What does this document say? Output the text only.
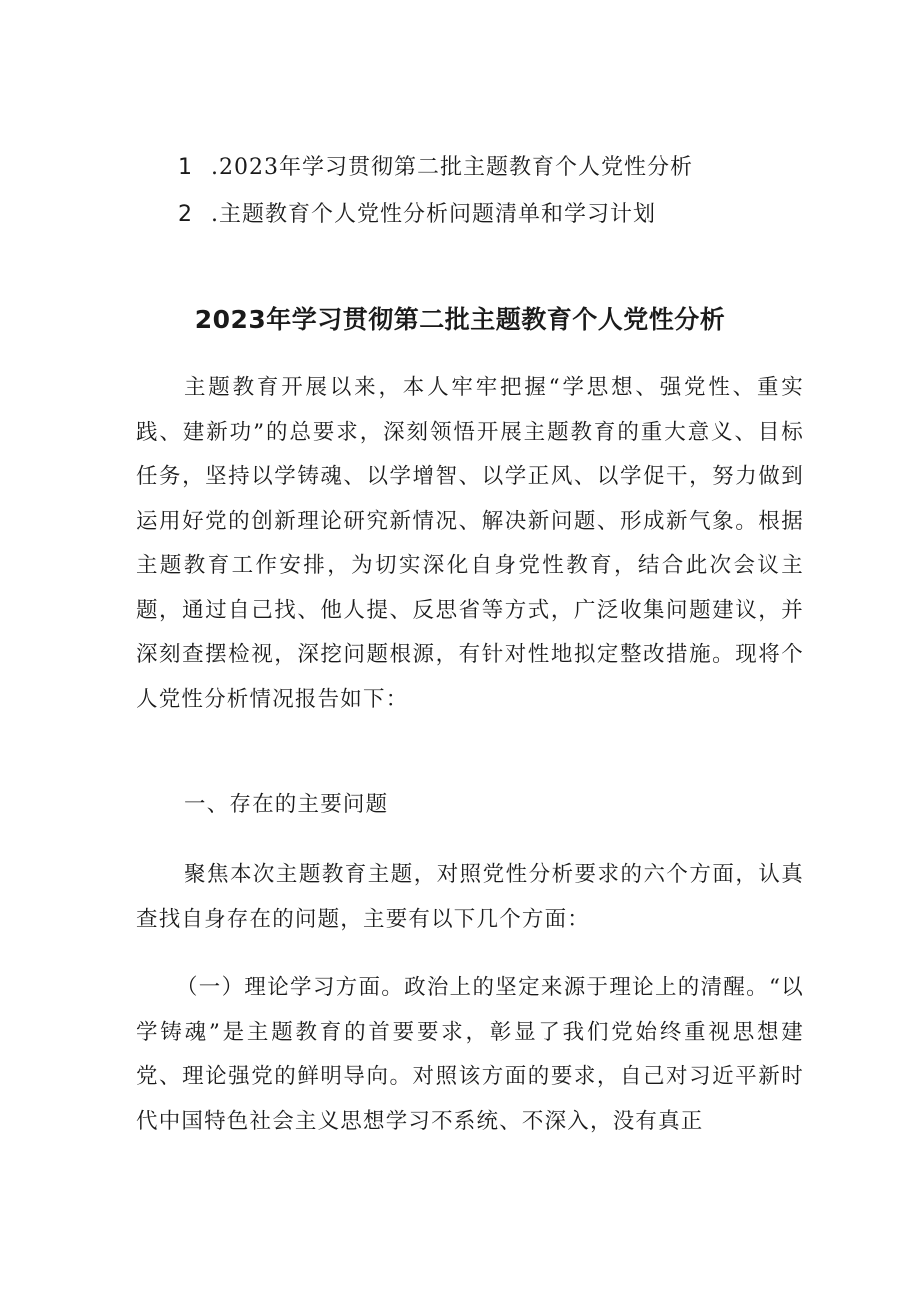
1 .2023年学习贯彻第二批主题教育个人党性分析
2 .主题教育个人党性分析问题清单和学习计划
2023年学习贯彻第二批主题教育个人党性分析
主题教育开展以来，本人牢牢把握“学思想、强党性、重实践、建新功”的总要求，深刻领悟开展主题教育的重大意义、目标任务，坚持以学铸魂、以学增智、以学正风、以学促干，努力做到运用好党的创新理论研究新情况、解决新问题、形成新气象。根据主题教育工作安排，为切实深化自身党性教育，结合此次会议主题，通过自己找、他人提、反思省等方式，广泛收集问题建议，并深刻查摆检视，深挖问题根源，有针对性地拟定整改措施。现将个人党性分析情况报告如下：
一、存在的主要问题
聚焦本次主题教育主题，对照党性分析要求的六个方面，认真查找自身存在的问题，主要有以下几个方面：
（一）理论学习方面。政治上的坚定来源于理论上的清醒。“以学铸魂”是主题教育的首要要求，彰显了我们党始终重视思想建党、理论强党的鲜明导向。对照该方面的要求，自己对习近平新时代中国特色社会主义思想学习不系统、不深入，没有真正
